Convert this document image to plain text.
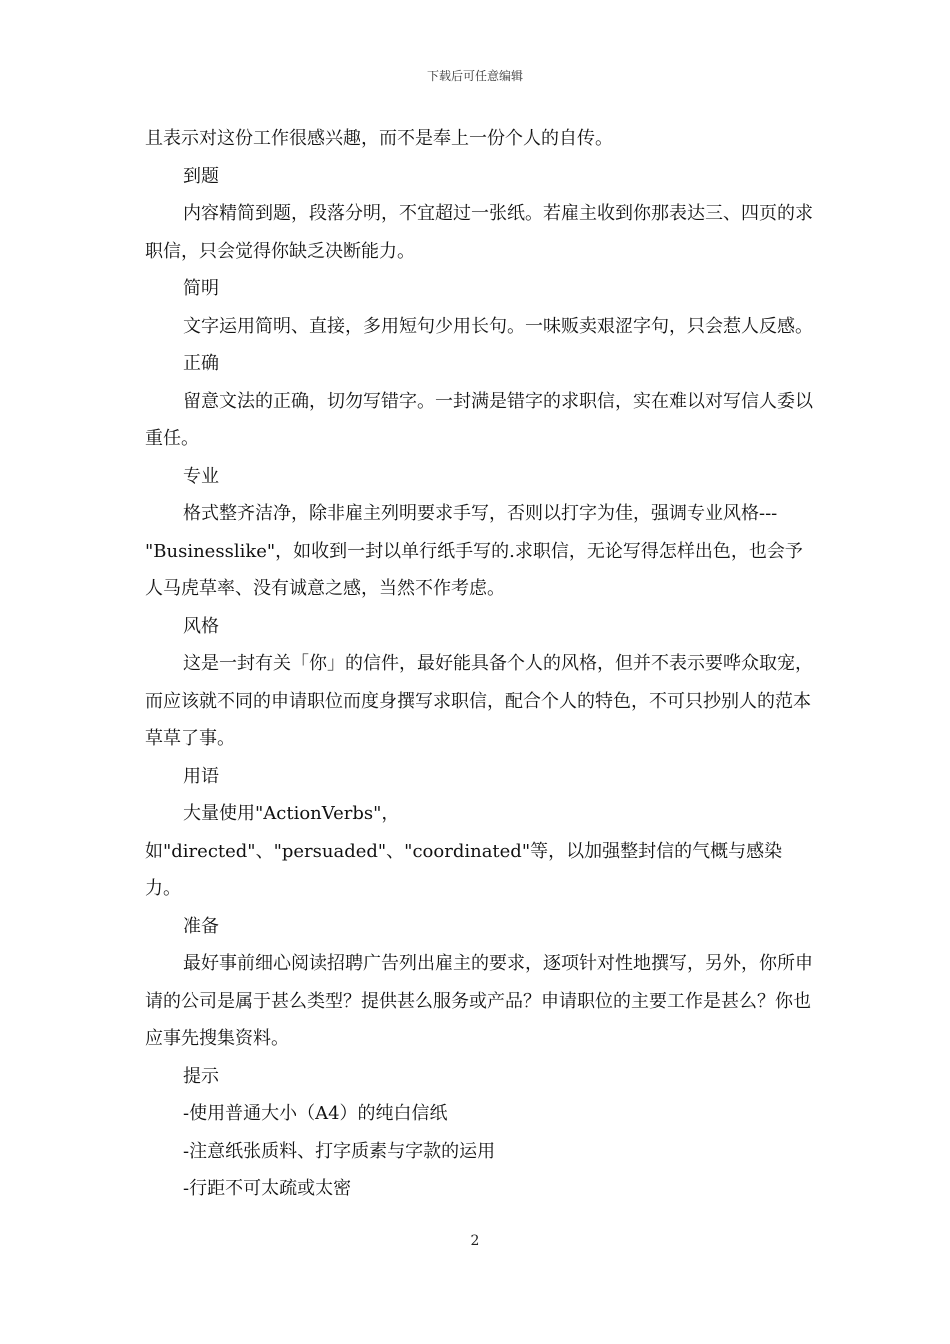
下载后可任意编辑

且表示对这份工作很感兴趣，而不是奉上一份个人的自传。

到题

内容精简到题，段落分明，不宜超过一张纸。若雇主收到你那表达三、四页的求职信，只会觉得你缺乏决断能力。

简明

文字运用简明、直接，多用短句少用长句。一味贩卖艰涩字句，只会惹人反感。

正确

留意文法的正确，切勿写错字。一封满是错字的求职信，实在难以对写信人委以重任。

专业

格式整齐洁净，除非雇主列明要求手写，否则以打字为佳，强调专业风格---"Businesslike"，如收到一封以单行纸手写的.求职信，无论写得怎样出色，也会予人马虎草率、没有诚意之感，当然不作考虑。

风格

这是一封有关「你」的信件，最好能具备个人的风格，但并不表示要哗众取宠，而应该就不同的申请职位而度身撰写求职信，配合个人的特色，不可只抄别人的范本草草了事。

用语

大量使用"ActionVerbs"，如"directed"、"persuaded"、"coordinated"等，以加强整封信的气概与感染力。

准备

最好事前细心阅读招聘广告列出雇主的要求，逐项针对性地撰写，另外，你所申请的公司是属于甚么类型？提供甚么服务或产品？申请职位的主要工作是甚么？你也应事先搜集资料。

提示

-使用普通大小（A4）的纯白信纸

-注意纸张质料、打字质素与字款的运用

-行距不可太疏或太密

2
